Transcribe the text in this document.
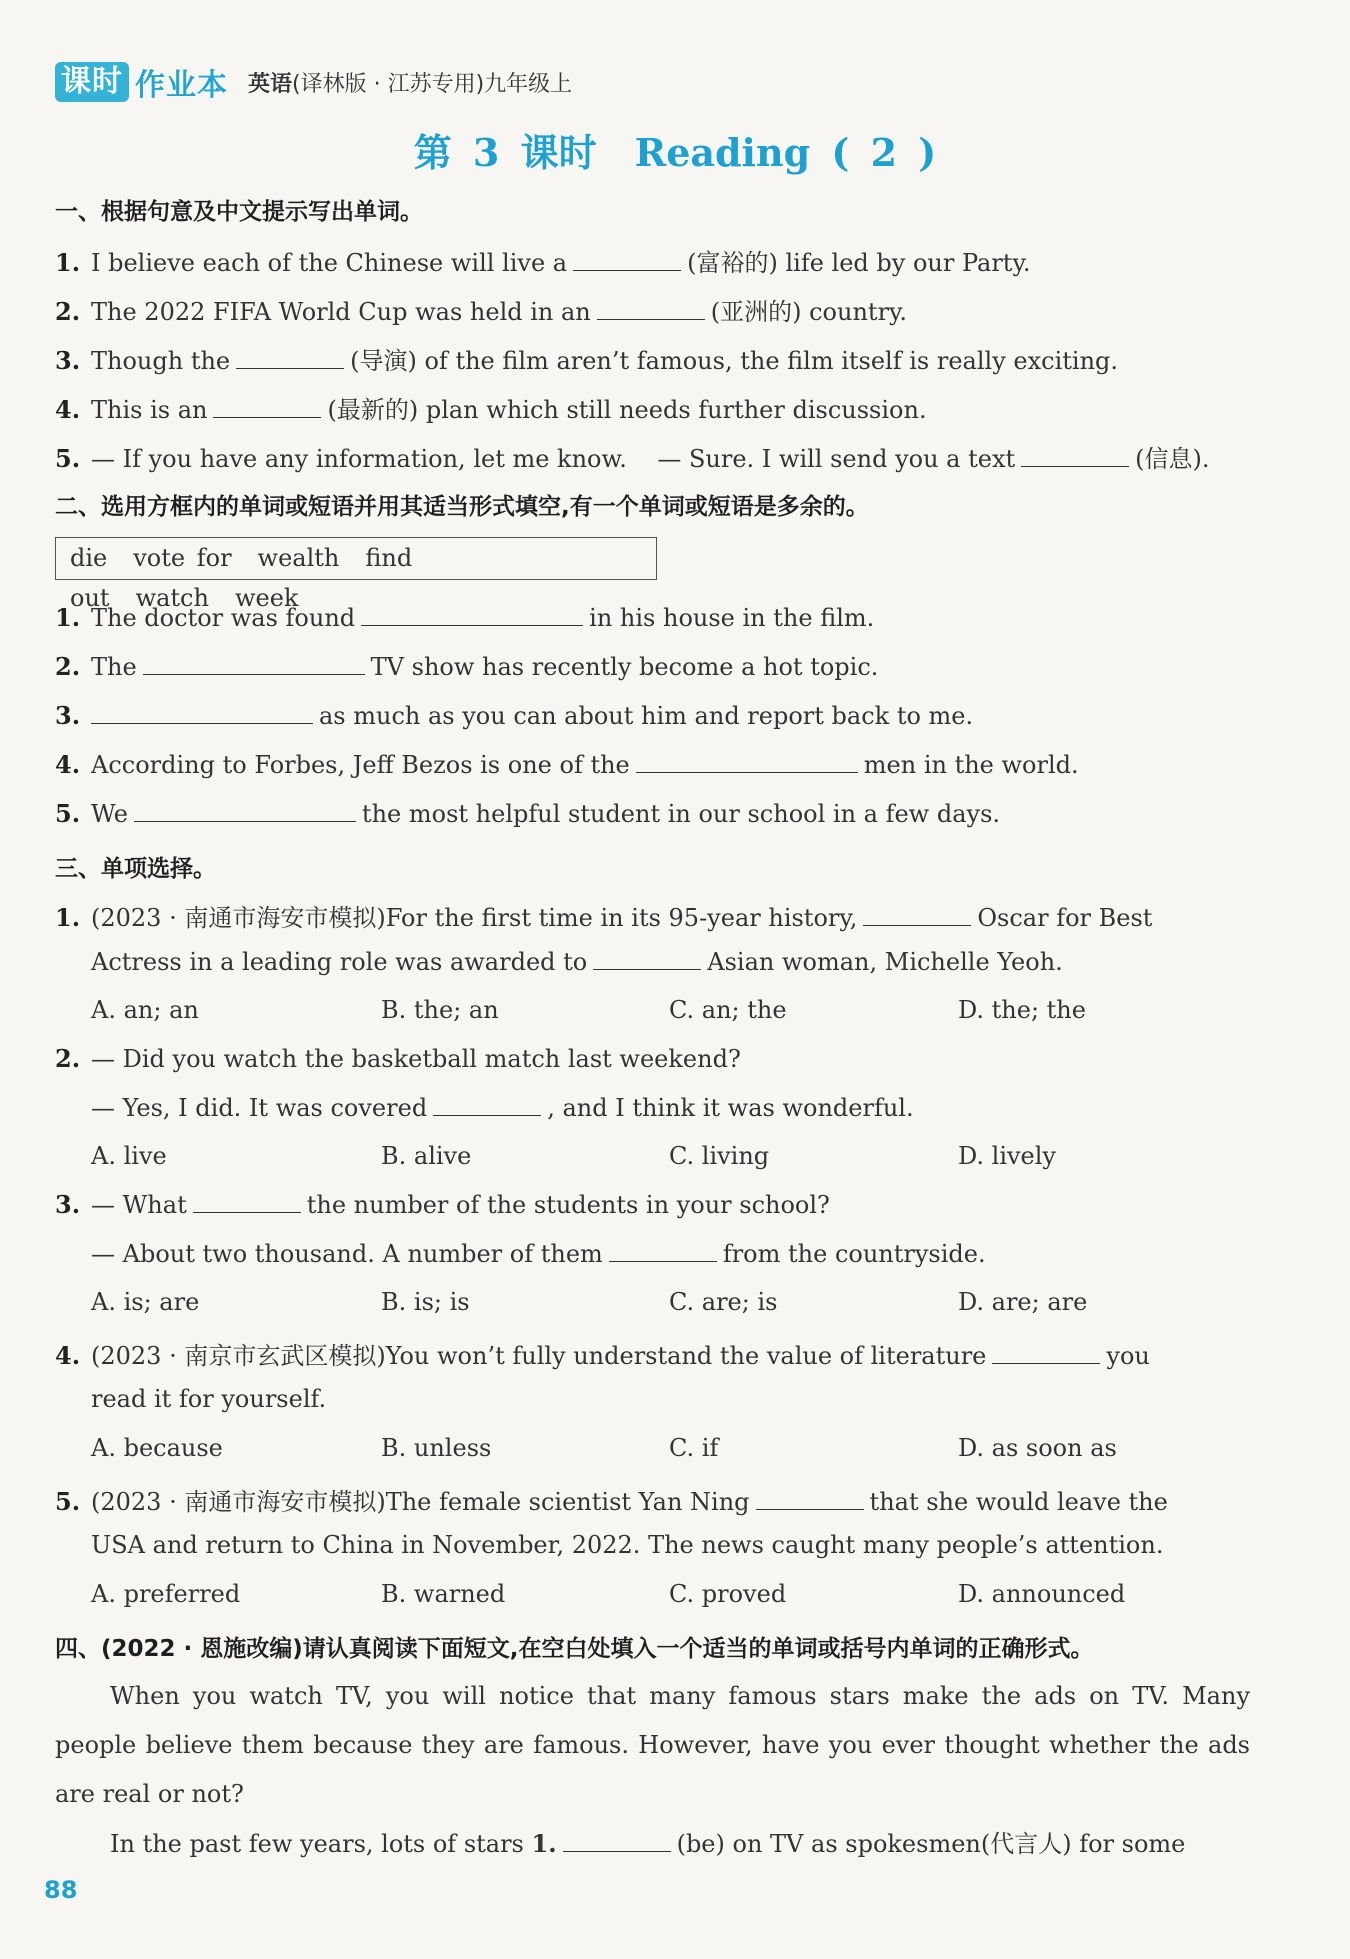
课时 作业本 英语(译林版 · 江苏专用)九年级上
第 3 课时 Reading ( 2 )
一、根据句意及中文提示写出单词。
1. I believe each of the Chinese will live a	(富裕的) life led by our Party.
2. The 2022 FIFA World Cup was held in an	(亚洲的) country.
3. Though the	(导演) of the film aren’t famous, the film itself is really exciting.
4. This is an	(最新的) plan which still needs further discussion.
5. — If you have any information, let me know.    — Sure. I will send you a text	(信息).
二、选用方框内的单词或短语并用其适当形式填空,有一个单词或短语是多余的。
die vote for wealth find out watch week
1. The doctor was found	in his house in the film.
2. The	TV show has recently become a hot topic.
3.	as much as you can about him and report back to me.
4. According to Forbes, Jeff Bezos is one of the	men in the world.
5. We	the most helpful student in our school in a few days.
三、单项选择。
1. (2023 · 南通市海安市模拟)For the first time in its 95-year history,	Oscar for Best
Actress in a leading role was awarded to	Asian woman, Michelle Yeoh.
A. an; an	B. the; an	C. an; the	D. the; the
2. — Did you watch the basketball match last weekend?
— Yes, I did. It was covered	, and I think it was wonderful.
A. live	B. alive	C. living	D. lively
3. — What	the number of the students in your school?
— About two thousand. A number of them	from the countryside.
A. is; are	B. is; is	C. are; is	D. are; are
4. (2023 · 南京市玄武区模拟)You won’t fully understand the value of literature	you
read it for yourself.
A. because	B. unless	C. if	D. as soon as
5. (2023 · 南通市海安市模拟)The female scientist Yan Ning	that she would leave the
USA and return to China in November, 2022. The news caught many people’s attention.
A. preferred	B. warned	C. proved	D. announced
四、(2022 · 恩施改编)请认真阅读下面短文,在空白处填入一个适当的单词或括号内单词的正确形式。
When you watch TV, you will notice that many famous stars make the ads on TV. Many people believe them because they are famous. However, have you ever thought whether the ads are real or not?
In the past few years, lots of stars 1.	(be) on TV as spokesmen(代言人) for some
88
